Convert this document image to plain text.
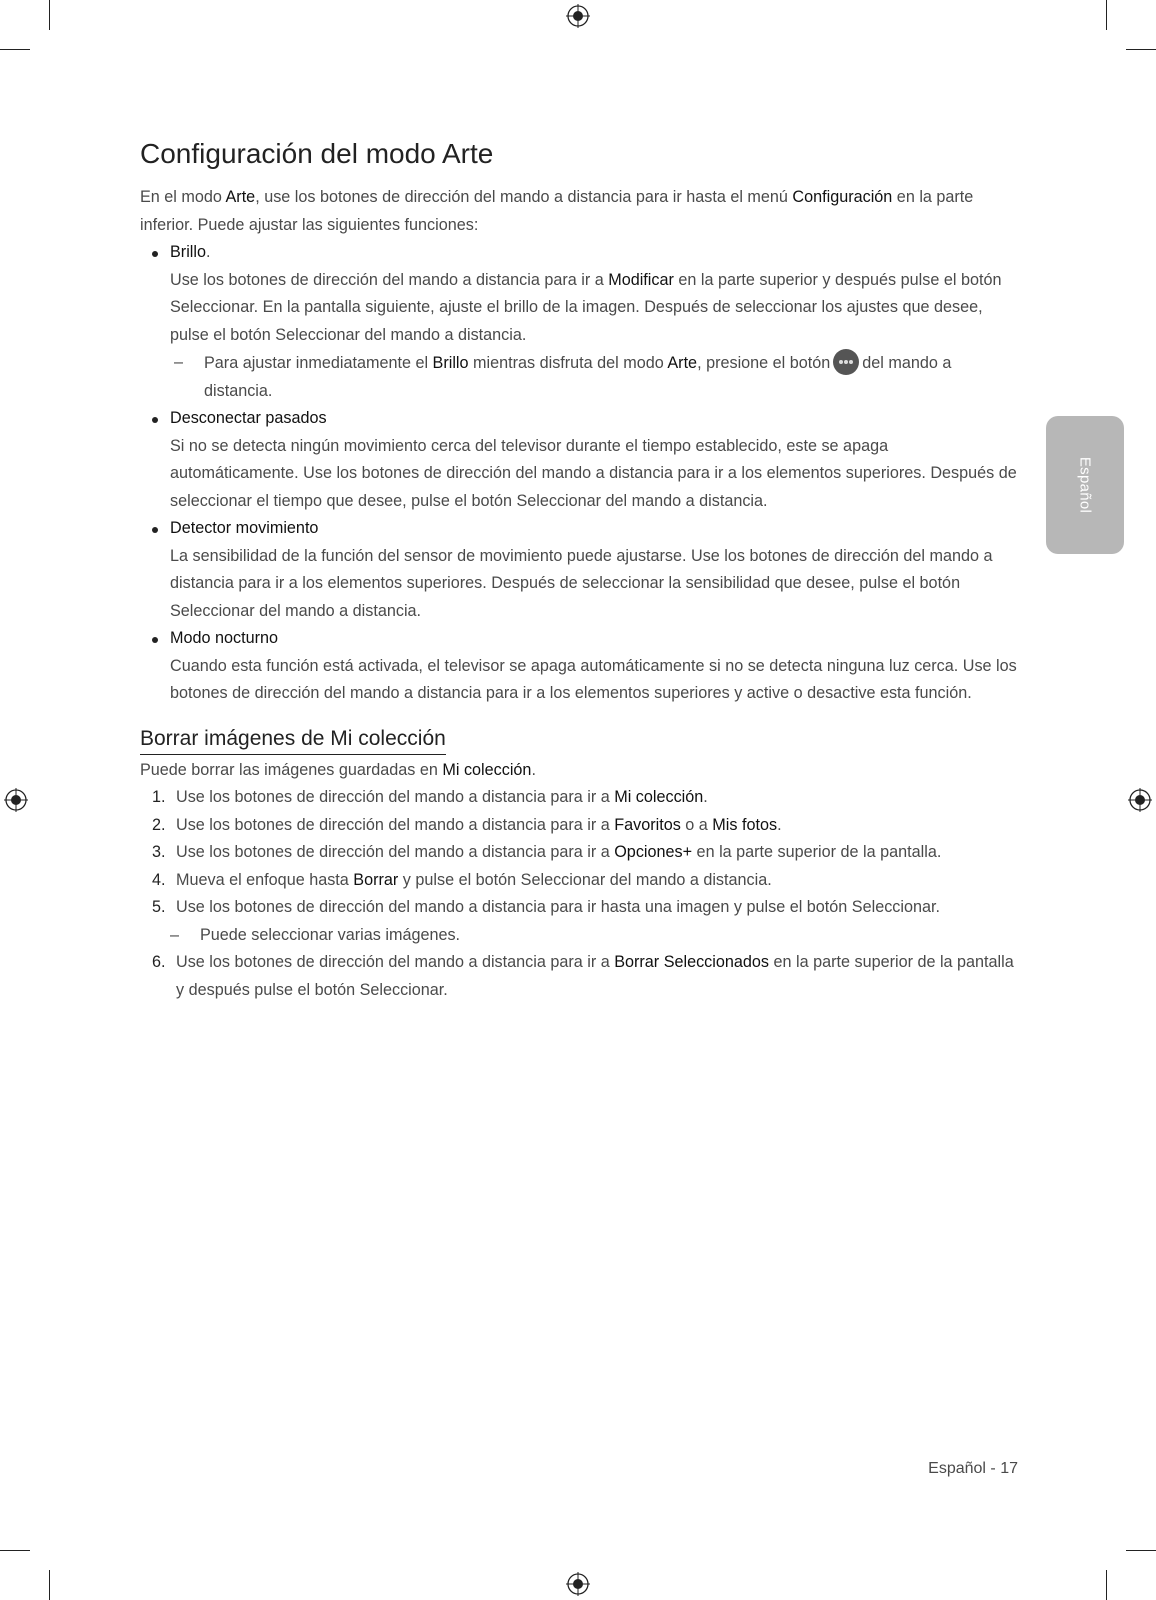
Español
Configuración del modo Arte

En el modo Arte, use los botones de dirección del mando a distancia para ir hasta el menú Configuración en la parte inferior. Puede ajustar las siguientes funciones:

Brillo.
Use los botones de dirección del mando a distancia para ir a Modificar en la parte superior y después pulse el botón Seleccionar. En la pantalla siguiente, ajuste el brillo de la imagen. Después de seleccionar los ajustes que desee, pulse el botón Seleccionar del mando a distancia.
– Para ajustar inmediatamente el Brillo mientras disfruta del modo Arte, presione el botón del mando a distancia.
Desconectar pasados
Si no se detecta ningún movimiento cerca del televisor durante el tiempo establecido, este se apaga automáticamente. Use los botones de dirección del mando a distancia para ir a los elementos superiores. Después de seleccionar el tiempo que desee, pulse el botón Seleccionar del mando a distancia.
Detector movimiento
La sensibilidad de la función del sensor de movimiento puede ajustarse. Use los botones de dirección del mando a distancia para ir a los elementos superiores. Después de seleccionar la sensibilidad que desee, pulse el botón Seleccionar del mando a distancia.
Modo nocturno
Cuando esta función está activada, el televisor se apaga automáticamente si no se detecta ninguna luz cerca. Use los botones de dirección del mando a distancia para ir a los elementos superiores y active o desactive esta función.
Borrar imágenes de Mi colección

Puede borrar las imágenes guardadas en Mi colección.

1. Use los botones de dirección del mando a distancia para ir a Mi colección.
2. Use los botones de dirección del mando a distancia para ir a Favoritos o a Mis fotos.
3. Use los botones de dirección del mando a distancia para ir a Opciones+ en la parte superior de la pantalla.
4. Mueva el enfoque hasta Borrar y pulse el botón Seleccionar del mando a distancia.
5. Use los botones de dirección del mando a distancia para ir hasta una imagen y pulse el botón Seleccionar.
– Puede seleccionar varias imágenes.
6. Use los botones de dirección del mando a distancia para ir a Borrar Seleccionados en la parte superior de la pantalla y después pulse el botón Seleccionar.
Español - 17
